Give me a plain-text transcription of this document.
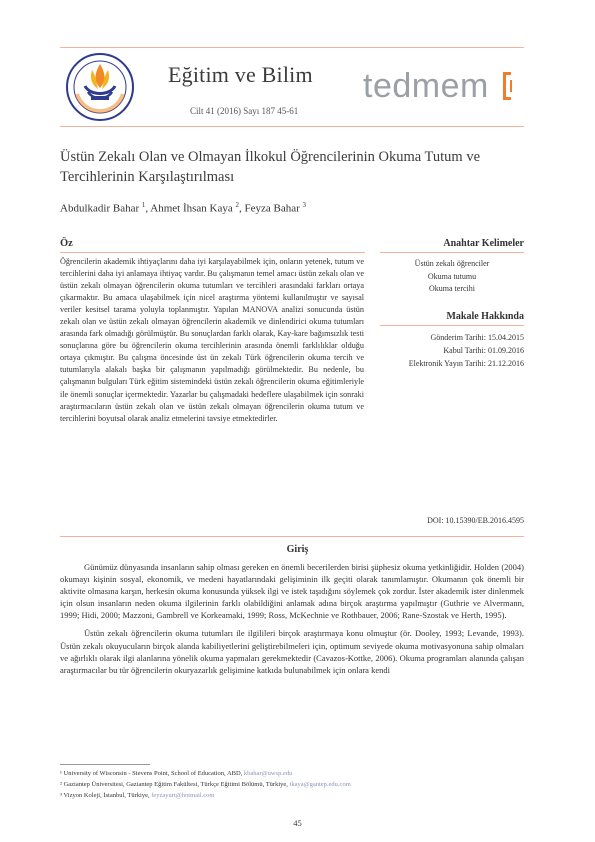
Eğitim ve Bilim
Cilt 41 (2016) Sayı 187 45-61
tedmem
Üstün Zekalı Olan ve Olmayan İlkokul Öğrencilerinin Okuma Tutum ve Tercihlerinin Karşılaştırılması
Abdulkadir Bahar $^1$, Ahmet İhsan Kaya $^2$, Feyza Bahar $^3$
Öz
Öğrencilerin akademik ihtiyaçlarını daha iyi karşılayabilmek için, onların yetenek, tutum ve tercihlerini daha iyi anlamaya ihtiyaç vardır. Bu çalışmanın temel amacı üstün zekalı olan ve üstün zekalı olmayan öğrencilerin okuma tutumları ve tercihleri arasındaki farkları ortaya çıkarmaktır. Bu amaca ulaşabilmek için nicel araştırma yöntemi kullanılmıştır ve sayısal veriler kesitsel tarama yoluyla toplanmıştır. Yapılan MANOVA analizi sonucunda üstün zekalı olan ve üstün zekalı olmayan öğrencilerin akademik ve dinlendirici okuma tutumları arasında fark olmadığı görülmüştür. Bu sonuçlardan farklı olarak, Kay-kare bağımsızlık testi sonuçlarına göre bu öğrencilerin okuma tercihlerinin arasında önemli farklılıklar olduğu ortaya çıkmıştır. Bu çalışma öncesinde üst ün zekalı Türk öğrencilerin okuma tercih ve tutumlarıyla alakalı başka bir çalışmanın yapılmadığı görülmektedir. Bu nedenle, bu çalışmanın bulguları Türk eğitim sistemindeki üstün zekalı öğrencilerin okuma eğitimleriyle ile önemli sonuçlar içermektedir. Yazarlar bu çalışmadaki hedeflere ulaşabilmek için sonraki araştırmacıların üstün zekalı olan ve üstün zekalı olmayan öğrencilerin okuma tutum ve tercihlerini boyutsal olarak analiz etmelerini tavsiye etmektedirler.
Anahtar Kelimeler
Üstün zekalı öğrenciler
Okuma tutumu
Okuma tercihi
Makale Hakkında
Gönderim Tarihi: 15.04.2015
Kabul Tarihi: 01.09.2016
Elektronik Yayın Tarihi: 21.12.2016
DOI: 10.15390/EB.2016.4595
Giriş

Günümüz dünyasında insanların sahip olması gereken en önemli becerilerden birisi şüphesiz okuma yetkinliğidir. Holden (2004) okumayı kişinin sosyal, ekonomik, ve medeni hayatlarındaki gelişiminin ilk geçiti olarak tanımlamıştır. Okumanın çok önemli bir aktivite olmasına karşın, herkesin okuma konusunda yüksek ilgi ve istek taşıdığını söylemek çok zordur. İster akademik ister dinlenmek için olsun insanların neden okuma ilgilerinin farklı olabildiğini anlamak adına birçok araştırma yapılmıştır (Guthrie ve Alvermann, 1999; Hidi, 2000; Mazzoni, Gambrell ve Korkeamaki, 1999; Ross, McKechnie ve Rothbauer, 2006; Rane-Szostak ve Herth, 1995).

Üstün zekalı öğrencilerin okuma tutumları ile ilgilileri birçok araştırmaya konu olmuştur (ör. Dooley, 1993; Levande, 1993). Üstün zekalı okuyucuların birçok alanda kabiliyetlerini geliştirebilmeleri için, optimum seviyede okuma motivasyonuna sahip olmaları ve ağırlıklı olarak ilgi alanlarına yönelik okuma yapmaları gerekmektedir (Cavazos-Kottke, 2006). Okuma programları alanında çalışan araştırmacılar bu tür öğrencilerin okuryazarlık gelişimine katkıda bulunabilmek için onlara kendi

¹ University of Wisconsin - Stevens Point, School of Education, ABD, kbahar@uwsp.edu
² Gaziantep Üniversitesi, Gaziantep Eğitim Fakültesi, Türkçe Eğitimi Bölümü, Türkiye, ikaya@gantep.edu.com
³ Vizyon Koleji, İstanbul, Türkiye, feyzayurt@hotmail.com
45
